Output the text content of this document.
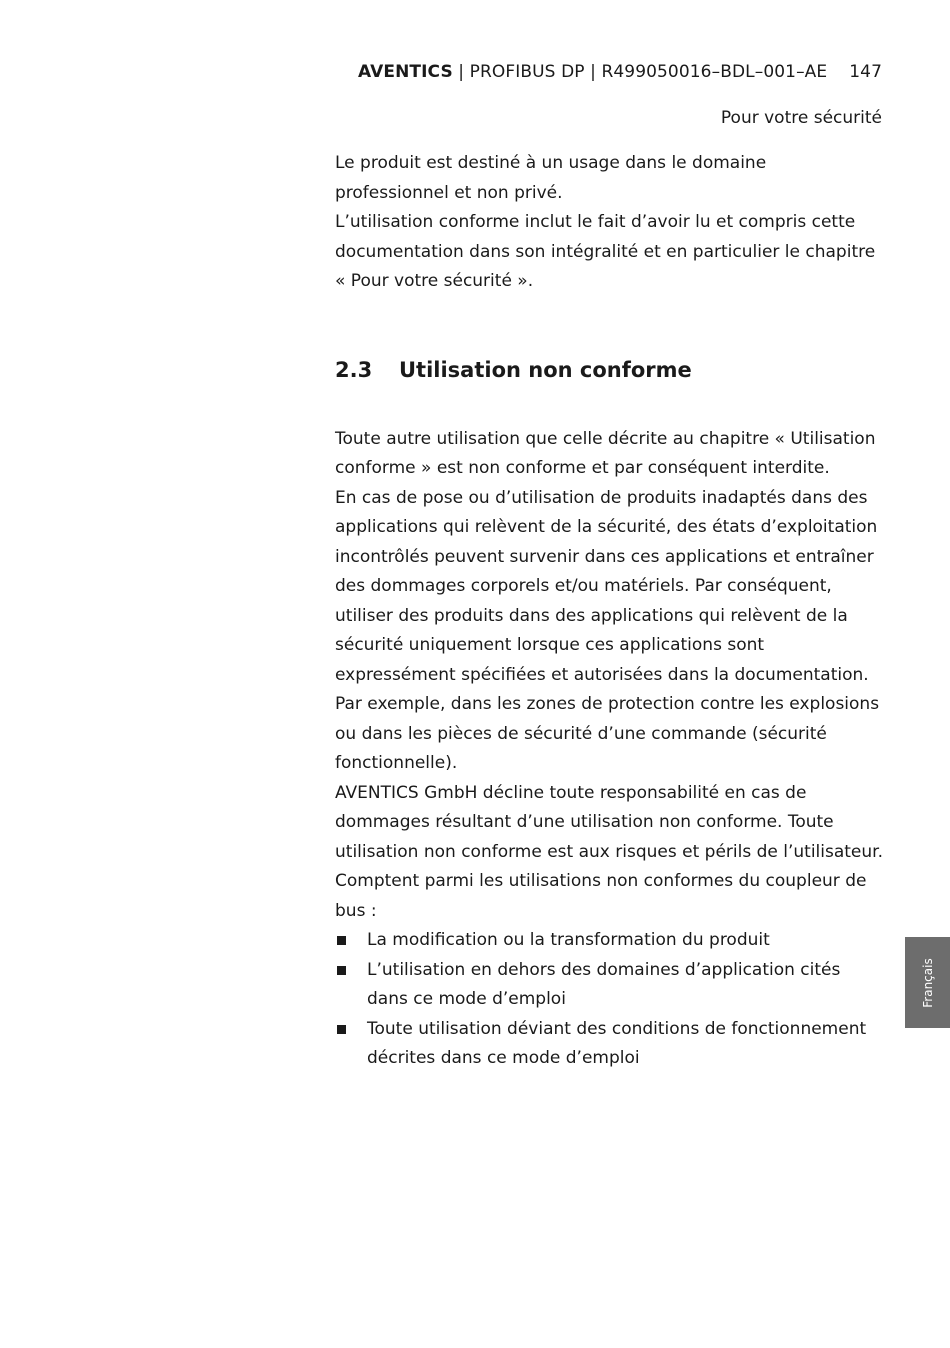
AVENTICS | PROFIBUS DP | R499050016–BDL–001–AE 147
Pour votre sécurité

Le produit est destiné à un usage dans le domaine professionnel et non privé.

L’utilisation conforme inclut le fait d’avoir lu et compris cette documentation dans son intégralité et en particulier le chapitre « Pour votre sécurité ».

2.3 Utilisation non conforme

Toute autre utilisation que celle décrite au chapitre « Utilisation conforme » est non conforme et par conséquent interdite.

En cas de pose ou d’utilisation de produits inadaptés dans des applications qui relèvent de la sécurité, des états d’exploitation incontrôlés peuvent survenir dans ces applications et entraîner des dommages corporels et/ou matériels. Par conséquent, utiliser des produits dans des applications qui relèvent de la sécurité uniquement lorsque ces applications sont expressément spécifiées et autorisées dans la documentation. Par exemple, dans les zones de protection contre les explosions ou dans les pièces de sécurité d’une commande (sécurité fonctionnelle).

AVENTICS GmbH décline toute responsabilité en cas de dommages résultant d’une utilisation non conforme. Toute utilisation non conforme est aux risques et périls de l’utilisateur.

Comptent parmi les utilisations non conformes du coupleur de bus :

La modification ou la transformation du produit
L’utilisation en dehors des domaines d’application cités dans ce mode d’emploi
Toute utilisation déviant des conditions de fonctionnement décrites dans ce mode d’emploi
Français
